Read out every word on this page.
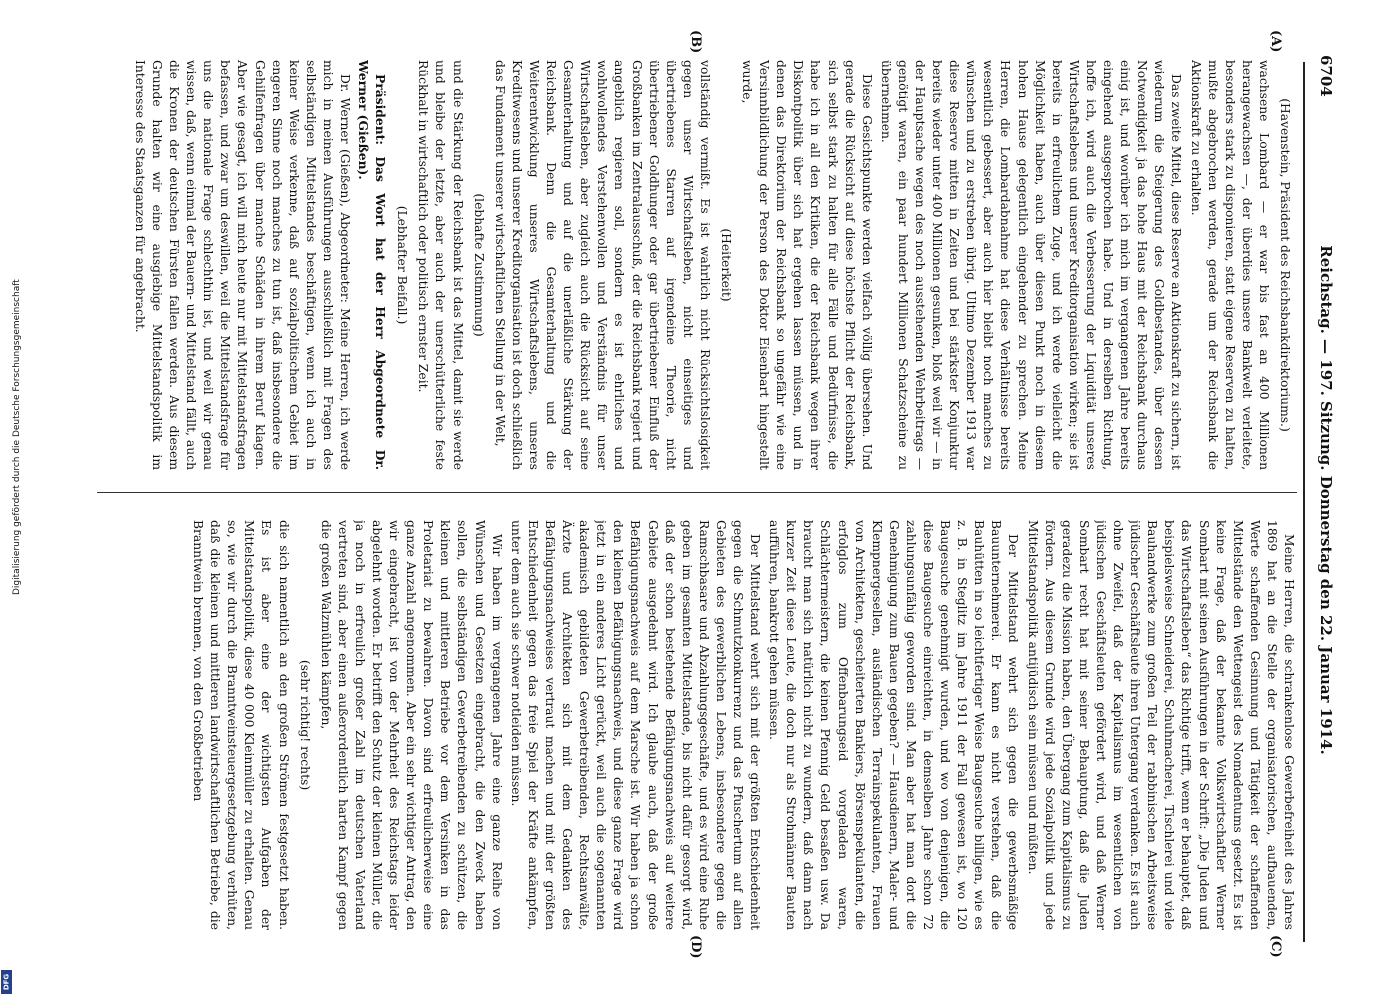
Digitalisierung gefördert durch die Deutsche Forschungsgemeinschaft
DFG
6704
Reichstag. — 197. Sitzung. Donnerstag den 22. Januar 1914.
(A)
(B)
(C)
(D)

(Havenstein, Präsident des Reichsbankdirektoriums.)

wachsene Lombard — er war bis fast an 400 Millionen herangewachsen —, der überdies unsere Bankwelt verleitete, besonders stark zu disponieren, statt eigene Reserven zu halten, mußte abgebrochen werden, gerade um der Reichsbank die Aktionskraft zu erhalten.

Das zweite Mittel, diese Reserve an Aktionskraft zu sichern, ist wiederum die Steigerung des Goldbestandes, über dessen Notwendigkeit ja das hohe Haus mit der Reichsbank durchaus einig ist, und worüber ich mich im vergangenen Jahre bereits eingehend ausgesprochen habe. Und in derselben Richtung, hoffe ich, wird auch die Verbesserung der Liquidität unseres Wirtschaftslebens und unserer Kreditorganisation wirken; sie ist bereits in erfreulichem Zuge, und ich werde vielleicht die Möglichkeit haben, auch über diesen Punkt noch in diesem hohen Hause gelegentlich eingehender zu sprechen. Meine Herren, die Lombardabnahme hat diese Verhältnisse bereits wesentlich gebessert, aber auch hier bleibt noch manches zu wünschen und zu erstreben übrig. Ultimo Dezember 1913 war diese Reserve mitten in Zeiten und bei stärkster Konjunktur bereits wieder unter 400 Millionen gesunken, bloß weil wir — in der Hauptsache wegen des noch ausstehenden Wehrbeitrags — genötigt waren, ein paar hundert Millionen Schatzscheine zu übernehmen.

Diese Gesichtspunkte werden vielfach völlig übersehen. Und gerade die Rücksicht auf diese höchste Pflicht der Reichsbank, sich selbst stark zu halten für alle Fälle und Bedürfnisse, die habe ich in all den Kritiken, die der Reichsbank wegen ihrer Diskontpolitik über sich hat ergehen lassen müssen, und in denen das Direktorium der Reichsbank so ungefähr wie eine Versinnbildlichung der Person des Doktor Eisenbart hingestellt wurde,

(Heiterkeit)

vollständig vermißt. Es ist wahrlich nicht Rücksichtslosigkeit gegen unser Wirtschaftsleben, nicht einseitiges und übertriebenes Starren auf irgendeine Theorie, nicht übertriebener Goldhunger oder gar übertriebener Einfluß der Großbanken im Zentralausschuß, der die Reichsbank regiert und angeblich regieren soll, sondern es ist ehrliches und wohlwollendes Verstehenwollen und Verständnis für unser Wirtschaftsleben, aber zugleich auch die Rücksicht auf seine Gesamterhaltung und auf die unerläßliche Stärkung der Reichsbank. Denn die Gesamterhaltung und die Weiterentwicklung unseres Wirtschaftslebens, unseres Kreditwesens und unserer Kreditorganisation ist doch schließlich das Fundament unserer wirtschaftlichen Stellung in der Welt,

(lebhafte Zustimmung)

und die Stärkung der Reichsbank ist das Mittel, damit sie werde und bleibe der letzte, aber auch der unerschütterliche feste Rückhalt in wirtschaftlich oder politisch ernster Zeit.

(Lebhafter Beifall.)

Präsident: Das Wort hat der Herr Abgeordnete Dr. Werner (Gießen).

Dr. Werner (Gießen), Abgeordneter: Meine Herren, ich werde mich in meinen Ausführungen ausschließlich mit Fragen des selbständigen Mittelstandes beschäftigen, wenn ich auch in keiner Weise verkenne, daß auf sozialpolitischem Gebiet im engeren Sinne noch manches zu tun ist, daß insbesondere die Gehilfenfragen über manche Schäden in ihrem Beruf klagen. Aber wie gesagt, ich will mich heute nur mit Mittelstandsfragen befassen, und zwar um deswillen, weil die Mittelstandsfrage für uns die nationale Frage schlechthin ist, und weil wir genau wissen, daß, wenn einmal der Bauern- und Mittelstand fällt, auch die Kronen der deutschen Fürsten fallen werden. Aus diesem Grunde halten wir eine ausgiebige Mittelstandspolitik im Interesse des Staatsganzen für angebracht.

Meine Herren, die schrankenlose Gewerbefreiheit des Jahres 1869 hat an die Stelle der organisatorischen, aufbauenden, Werte schaffenden Gesinnung und Tätigkeit der schaffenden Mittelstände den Wettengeist des Nomadentums gesetzt. Es ist keine Frage, daß der bekannte Volkswirtschaftler Werner Sombart mit seinen Ausführungen in der Schrift: „Die Juden und das Wirtschaftsleben“ das Richtige trifft, wenn er behauptet, daß beispielsweise Schneiderei, Schuhmacherei, Tischlerei und viele Bauhandwerke zum großen Teil der rabbinischen Arbeitsweise jüdischer Geschäftsleute ihren Untergang verdanken. Es ist auch ohne Zweifel, daß der Kapitalismus im wesentlichen von jüdischen Geschäftsleuten gefördert wird, und daß Werner Sombart recht hat mit seiner Behauptung, daß die Juden geradezu die Mission haben, den Übergang zum Kapitalismus zu fördern. Aus diesem Grunde wird jede Sozialpolitik und jede Mittelstandspolitik antijüdisch sein müssen und müßten.

Der Mittelstand wehrt sich gegen die gewerbsmäßige Bauunternehmerei. Er kann es nicht verstehen, daß die Bauhütten in so leichtfertiger Weise Baugesuche billigen, wie es z. B. in Steglitz im Jahre 1911 der Fall gewesen ist, wo 120 Baugesuche genehmigt wurden, und wo von denjenigen, die diese Baugesuche einreichten, in demselben Jahre schon 72 zahlungsunfähig geworden sind. Man aber hat man dort die Genehmigung zum Bauen gegeben? — Hausdienern, Maler- und Klempnergesellen, ausländischen Terrainspekulanten, Frauen von Architekten, gescheiterten Bankiers, Börsenspekulanten, die erfolglos zum Offenbarungseid vorgeladen waren, Schlächtermeistern, die keinen Pfennig Geld besaßen usw. Da braucht man sich natürlich nicht zu wundern, daß dann nach kurzer Zeit diese Leute, die doch nur als Strohmänner Bauten aufführen, bankrott gehen müssen.

Der Mittelstand wehrt sich mit der größten Entschiedenheit gegen die Schmutzkonkurrenz und das Pfuschertum auf allen Gebieten des gewerblichen Lebens, insbesondere gegen die Ramschbasare und Abzahlungsgeschäfte, und es wird eine Ruhe geben im gesamten Mittelstande, bis nicht dafür gesorgt wird, daß der schon bestehende Befähigungsnachweis auf weitere Gebiete ausgedehnt wird. Ich glaube auch, daß der große Befähigungsnachweis auf dem Marsche ist. Wir haben ja schon den kleinen Befähigungsnachweis, und diese ganze Frage wird jetzt in ein anderes Licht gerückt, weil auch die sogenannten akademisch gebildeten Gewerbetreibenden, Rechtsanwälte, Ärzte und Architekten sich mit dem Gedanken des Befähigungsnachweises vertraut machen und mit der größten Entschiedenheit gegen das freie Spiel der Kräfte ankämpfen, unter dem auch sie schwer notleiden müssen.

Wir haben im vergangenen Jahre eine ganze Reihe von Wünschen und Gesetzen eingebracht, die den Zweck haben sollen, die selbständigen Gewerbetreibenden zu schützen, die kleinen und mittleren Betriebe vor dem Versinken in das Proletariat zu bewahren. Davon sind erfreulicherweise eine ganze Anzahl angenommen. Aber ein sehr wichtiger Antrag, den wir eingebracht, ist von der Mehrheit des Reichstags leider abgelehnt worden. Er betrifft den Schutz der kleinen Müller, die ja noch in erfreulich großer Zahl im deutschen Vaterland vertreten sind, aber einen außerordentlich harten Kampf gegen die großen Walzmühlen kämpfen,

(sehr richtig! rechts)

die sich namentlich an den großen Strömen festgesetzt haben. Es ist aber eine der wichtigsten Aufgaben der Mittelstandspolitik, diese 40 000 Kleinmüller zu erhalten. Genau so, wie wir durch die Branntweinsteuergesetzgebung verhüten, daß die kleinen und mittleren landwirtschaftlichen Betriebe, die Branntwein brennen, von den Großbetrieben
